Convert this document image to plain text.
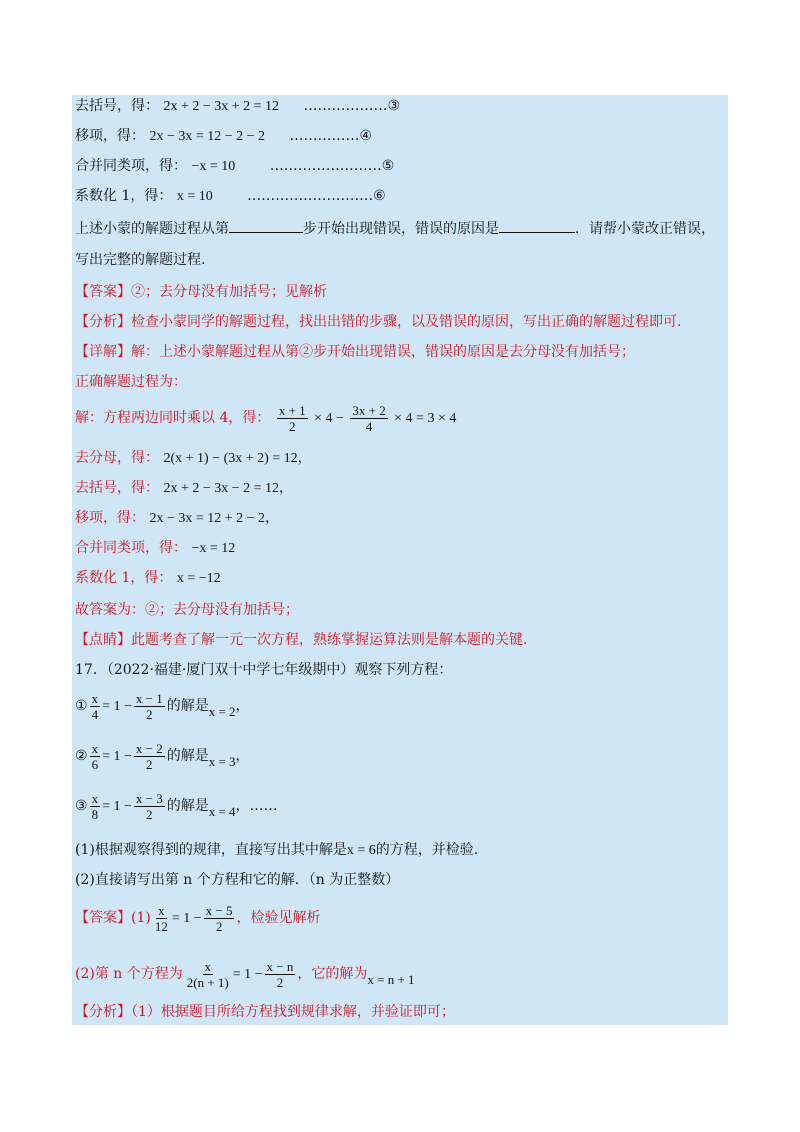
去括号，得： 2x + 2 − 3x + 2 = 12 ………………③
移项，得： 2x − 3x = 12 − 2 − 2 ……………④
合并同类项，得： −x = 10 ……………………⑤
系数化 1，得： x = 10 ………………………⑥
上述小蒙的解题过程从第	步开始出现错误，错误的原因是	．请帮小蒙改正错误，
写出完整的解题过程．
【答案】②；去分母没有加括号；见解析
【分析】检查小蒙同学的解题过程，找出出错的步骤，以及错误的原因，写出正确的解题过程即可．
【详解】解：上述小蒙解题过程从第②步开始出现错误，错误的原因是去分母没有加括号；
正确解题过程为：
解：方程两边同时乘以 4，得： $\frac{x + 1}{2} \times 4 - \frac{3x + 2}{4} \times 4 = 3 \times 4$
去分母，得： 2(x + 1) − (3x + 2) = 12，
去括号，得： 2x + 2 − 3x − 2 = 12，
移项，得： 2x − 3x = 12 + 2 − 2，
合并同类项，得： −x = 12
系数化 1，得： x = −12
故答案为：②；去分母没有加括号；
【点睛】此题考查了解一元一次方程，熟练掌握运算法则是解本题的关键．
17．（2022·福建·厦门双十中学七年级期中）观察下列方程：
① $\frac{x}{4} = 1 - \frac{x - 1}{2}$ 的解是x = 2，
② $\frac{x}{6} = 1 - \frac{x - 2}{2}$ 的解是x = 3，
③ $\frac{x}{8} = 1 - \frac{x - 3}{2}$ 的解是x = 4，……
(1)根据观察得到的规律，直接写出其中解是x = 6的方程，并检验．
(2)直接请写出第 n 个方程和它的解．（n 为正整数）
【答案】$(1) \frac{x}{12} = 1 - \frac{x - 5}{2}$ ，检验见解析
(2)第 n 个方程为 $\frac{x}{2(n + 1)} = 1 - \frac{x - n}{2}$ ，它的解为x = n + 1
【分析】（1）根据题目所给方程找到规律求解，并验证即可；
